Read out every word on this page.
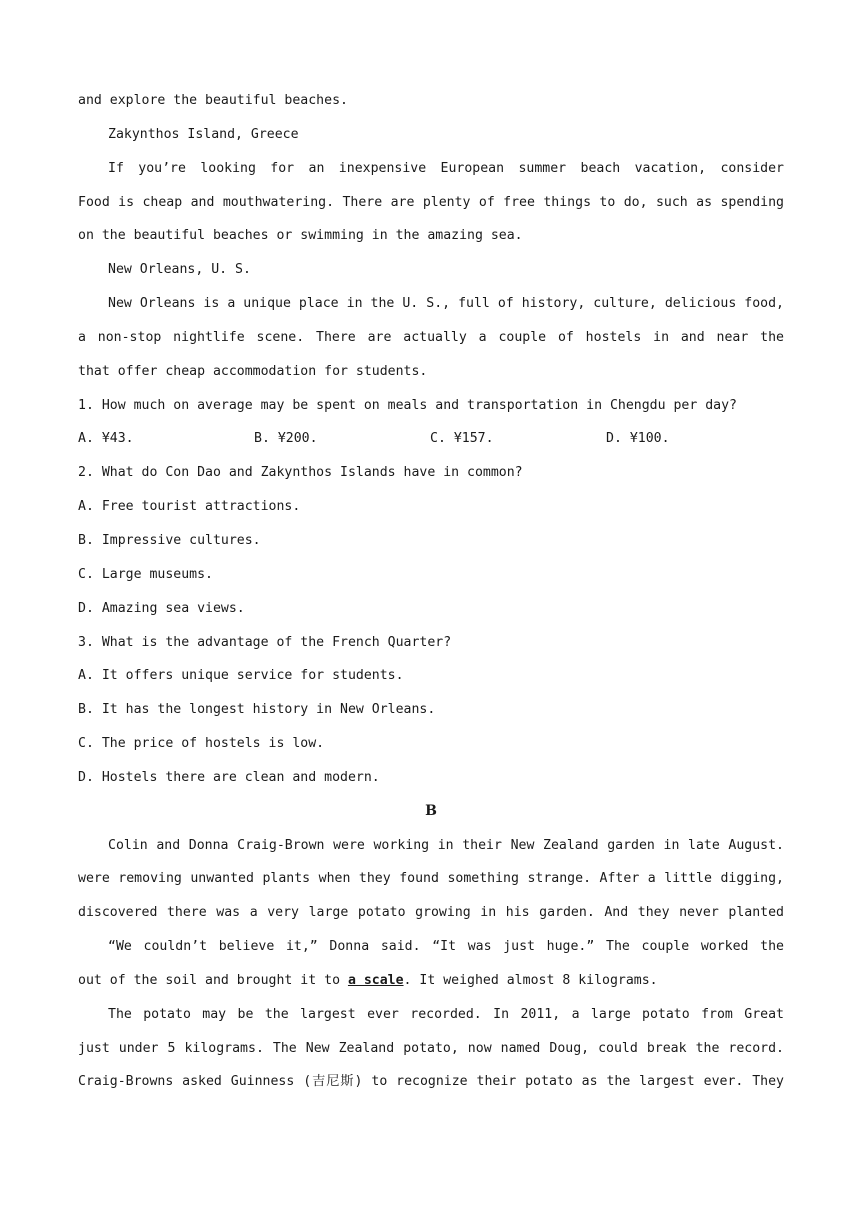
and explore the beautiful beaches.
Zakynthos Island, Greece
If you’re looking for an inexpensive European summer beach vacation, consider
Food is cheap and mouthwatering. There are plenty of free things to do, such as spending
on the beautiful beaches or swimming in the amazing sea.
New Orleans, U. S.
New Orleans is a unique place in the U. S., full of history, culture, delicious food,
a non-stop nightlife scene. There are actually a couple of hostels in and near the
that offer cheap accommodation for students.
1. How much on average may be spent on meals and transportation in Chengdu per day?
A. ¥43.	B. ¥200.	C. ¥157.	D. ¥100.
2. What do Con Dao and Zakynthos Islands have in common?
A. Free tourist attractions.
B. Impressive cultures.
C. Large museums.
D. Amazing sea views.
3. What is the advantage of the French Quarter?
A. It offers unique service for students.
B. It has the longest history in New Orleans.
C. The price of hostels is low.
D. Hostels there are clean and modern.
B
Colin and Donna Craig-Brown were working in their New Zealand garden in late August.
were removing unwanted plants when they found something strange. After a little digging,
discovered there was a very large potato growing in his garden. And they never planted
“We couldn’t believe it,” Donna said. “It was just huge.” The couple worked the
out of the soil and brought it to a scale. It weighed almost 8 kilograms.
The potato may be the largest ever recorded. In 2011, a large potato from Great
just under 5 kilograms. The New Zealand potato, now named Doug, could break the record.
Craig-Browns asked Guinness (吉尼斯) to recognize their potato as the largest ever. They
